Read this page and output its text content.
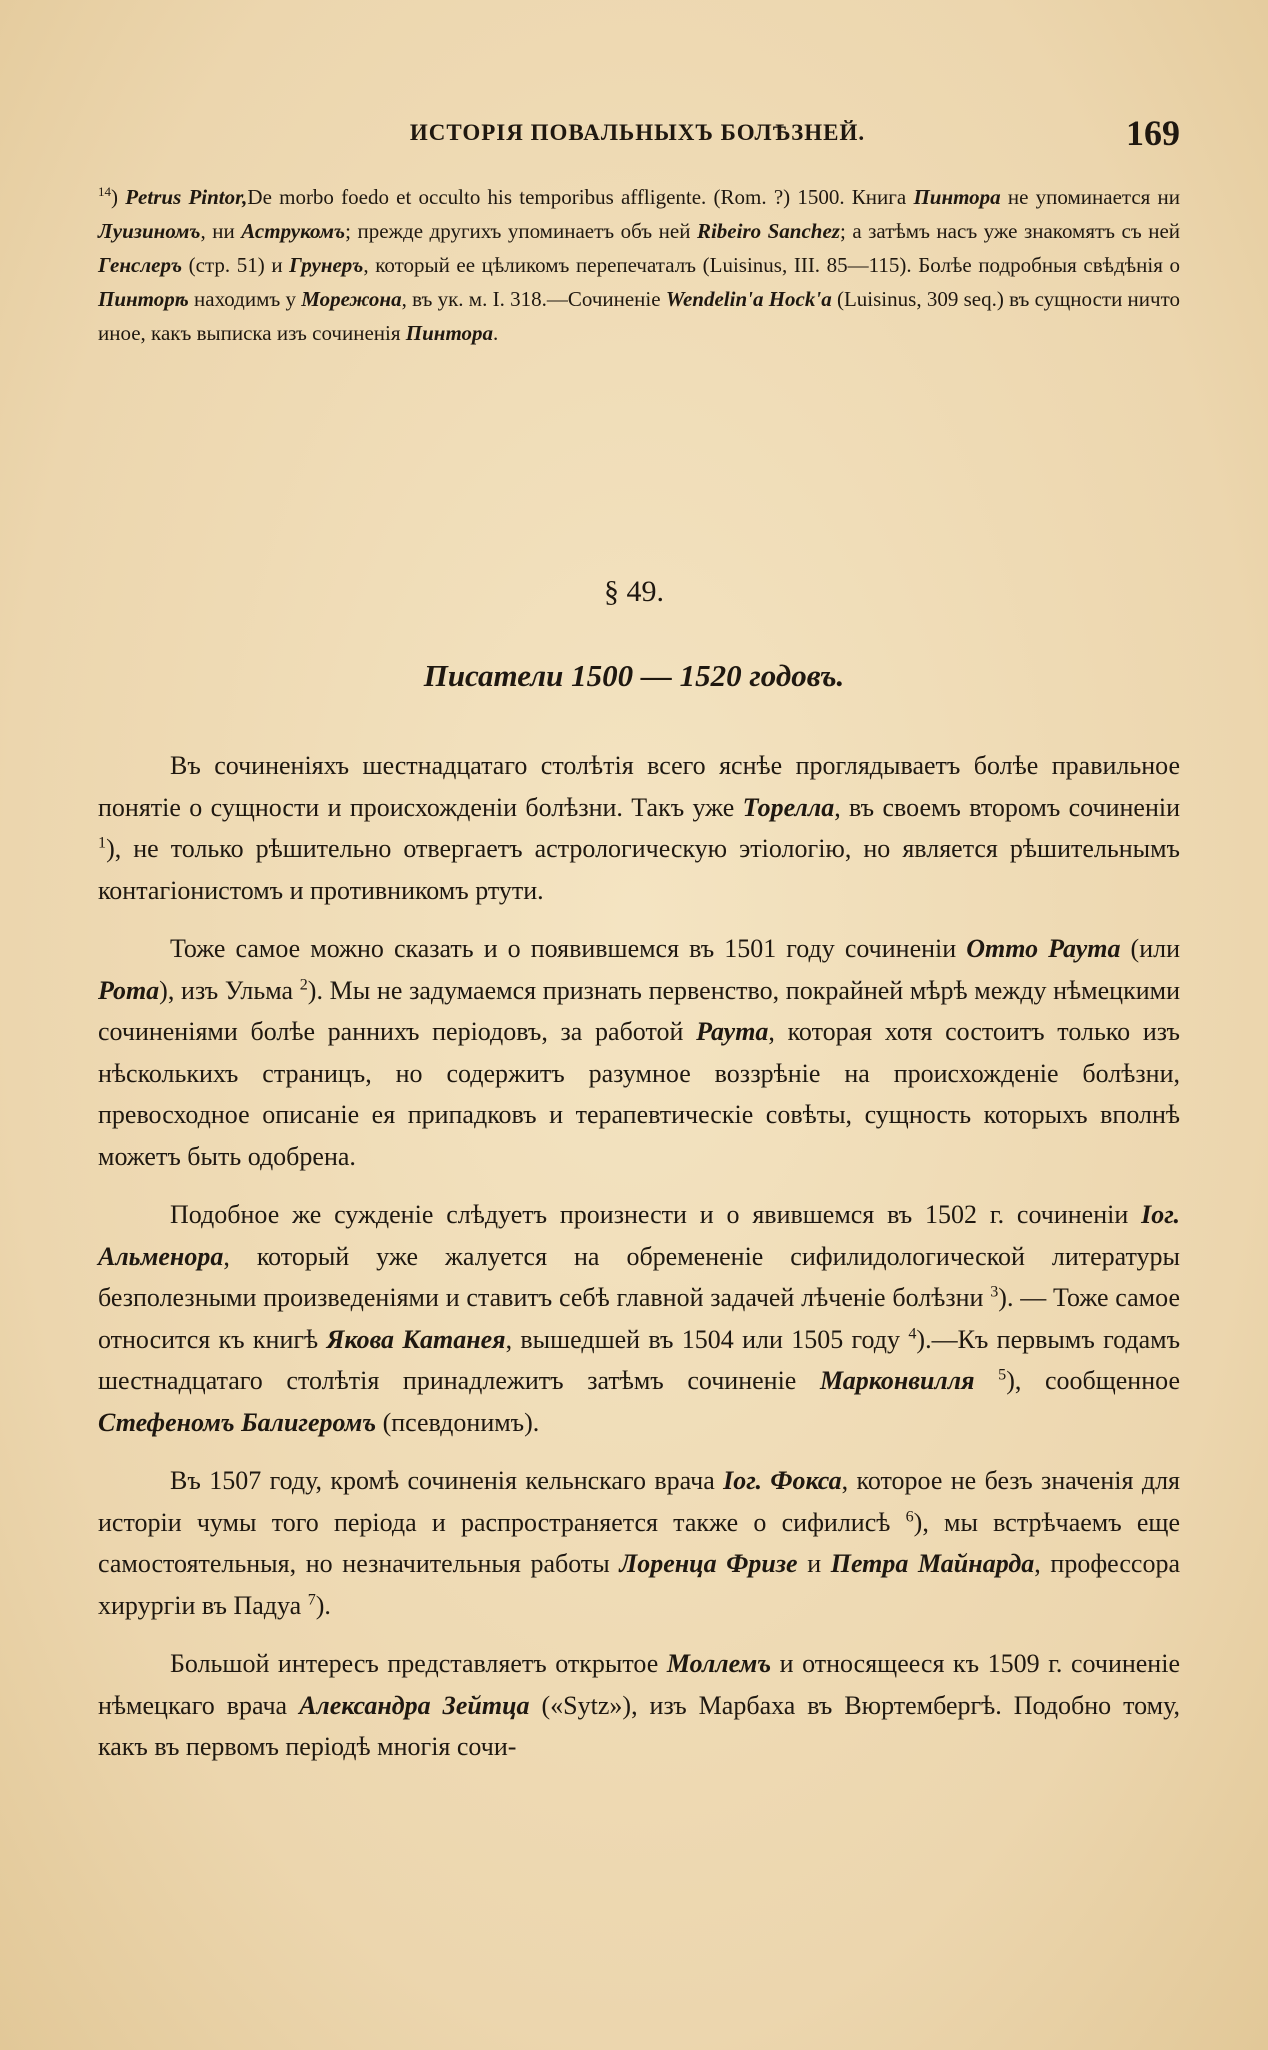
ИСТОРІЯ ПОВАЛЬНЫХЪ БОЛѢЗНЕЙ.	169
$^{14}$) Petrus Pintor,De morbo foedo et occulto his temporibus affligente. (Rom. ?) 1500. Книга Пинтора не упоминается ни Луизиномъ, ни Аструкомъ; прежде другихъ упоминаетъ объ ней Ribeiro Sanchez; а затѣмъ насъ уже знакомятъ съ ней Генслеръ (стр. 51) и Грунеръ, который ее цѣликомъ перепечаталъ (Luisinus, III. 85—115). Болѣе подробныя свѣдѣнія о Пинторѣ находимъ у Морежона, въ ук. м. I. 318.—Сочиненіе Wendelin'a Hock'a (Luisinus, 309 seq.) въ сущности ничто иное, какъ выписка изъ сочиненія Пинтора.
§ 49.
Писатели 1500 — 1520 годовъ.

Въ сочиненіяхъ шестнадцатаго столѣтія всего яснѣе проглядываетъ болѣе правильное понятіе о сущности и происхожденіи болѣзни. Такъ уже Торелла, въ своемъ второмъ сочиненіи $^1$), не только рѣшительно отвергаетъ астрологическую этіологію, но является рѣшительнымъ контагіонистомъ и противникомъ ртути.

Тоже самое можно сказать и о появившемся въ 1501 году сочиненіи Отто Раута (или Рота), изъ Ульма $^2$). Мы не задумаемся признать первенство, покрайней мѣрѣ между нѣмецкими сочиненіями болѣе раннихъ періодовъ, за работой Раута, которая хотя состоитъ только изъ нѣсколькихъ страницъ, но содержитъ разумное воззрѣніе на происхожденіе болѣзни, превосходное описаніе ея припадковъ и терапевтическіе совѣты, сущность которыхъ вполнѣ можетъ быть одобрена.

Подобное же сужденіе слѣдуетъ произнести и о явившемся въ 1502 г. сочиненіи Іог. Альменора, который уже жалуется на обремененіе сифилидологической литературы безполезными произведеніями и ставитъ себѣ главной задачей лѣченіе болѣзни $^3$). — Тоже самое относится къ книгѣ Якова Катанея, вышедшей въ 1504 или 1505 году $^4$).—Къ первымъ годамъ шестнадцатаго столѣтія принадлежитъ затѣмъ сочиненіе Марконвилля $^5$), сообщенное Стефеномъ Балигеромъ (псевдонимъ).

Въ 1507 году, кромѣ сочиненія кельнскаго врача Іог. Фокса, которое не безъ значенія для исторіи чумы того періода и распространяется также о сифилисѣ $^6$), мы встрѣчаемъ еще самостоятельныя, но незначительныя работы Лоренца Фризе и Петра Майнарда, профессора хирургіи въ Падуа $^7$).

Большой интересъ представляетъ открытое Моллемъ и относящееся къ 1509 г. сочиненіе нѣмецкаго врача Александра Зейтца («Sytz»), изъ Марбаха въ Вюртембергѣ. Подобно тому, какъ въ первомъ періодѣ многія сочи-
